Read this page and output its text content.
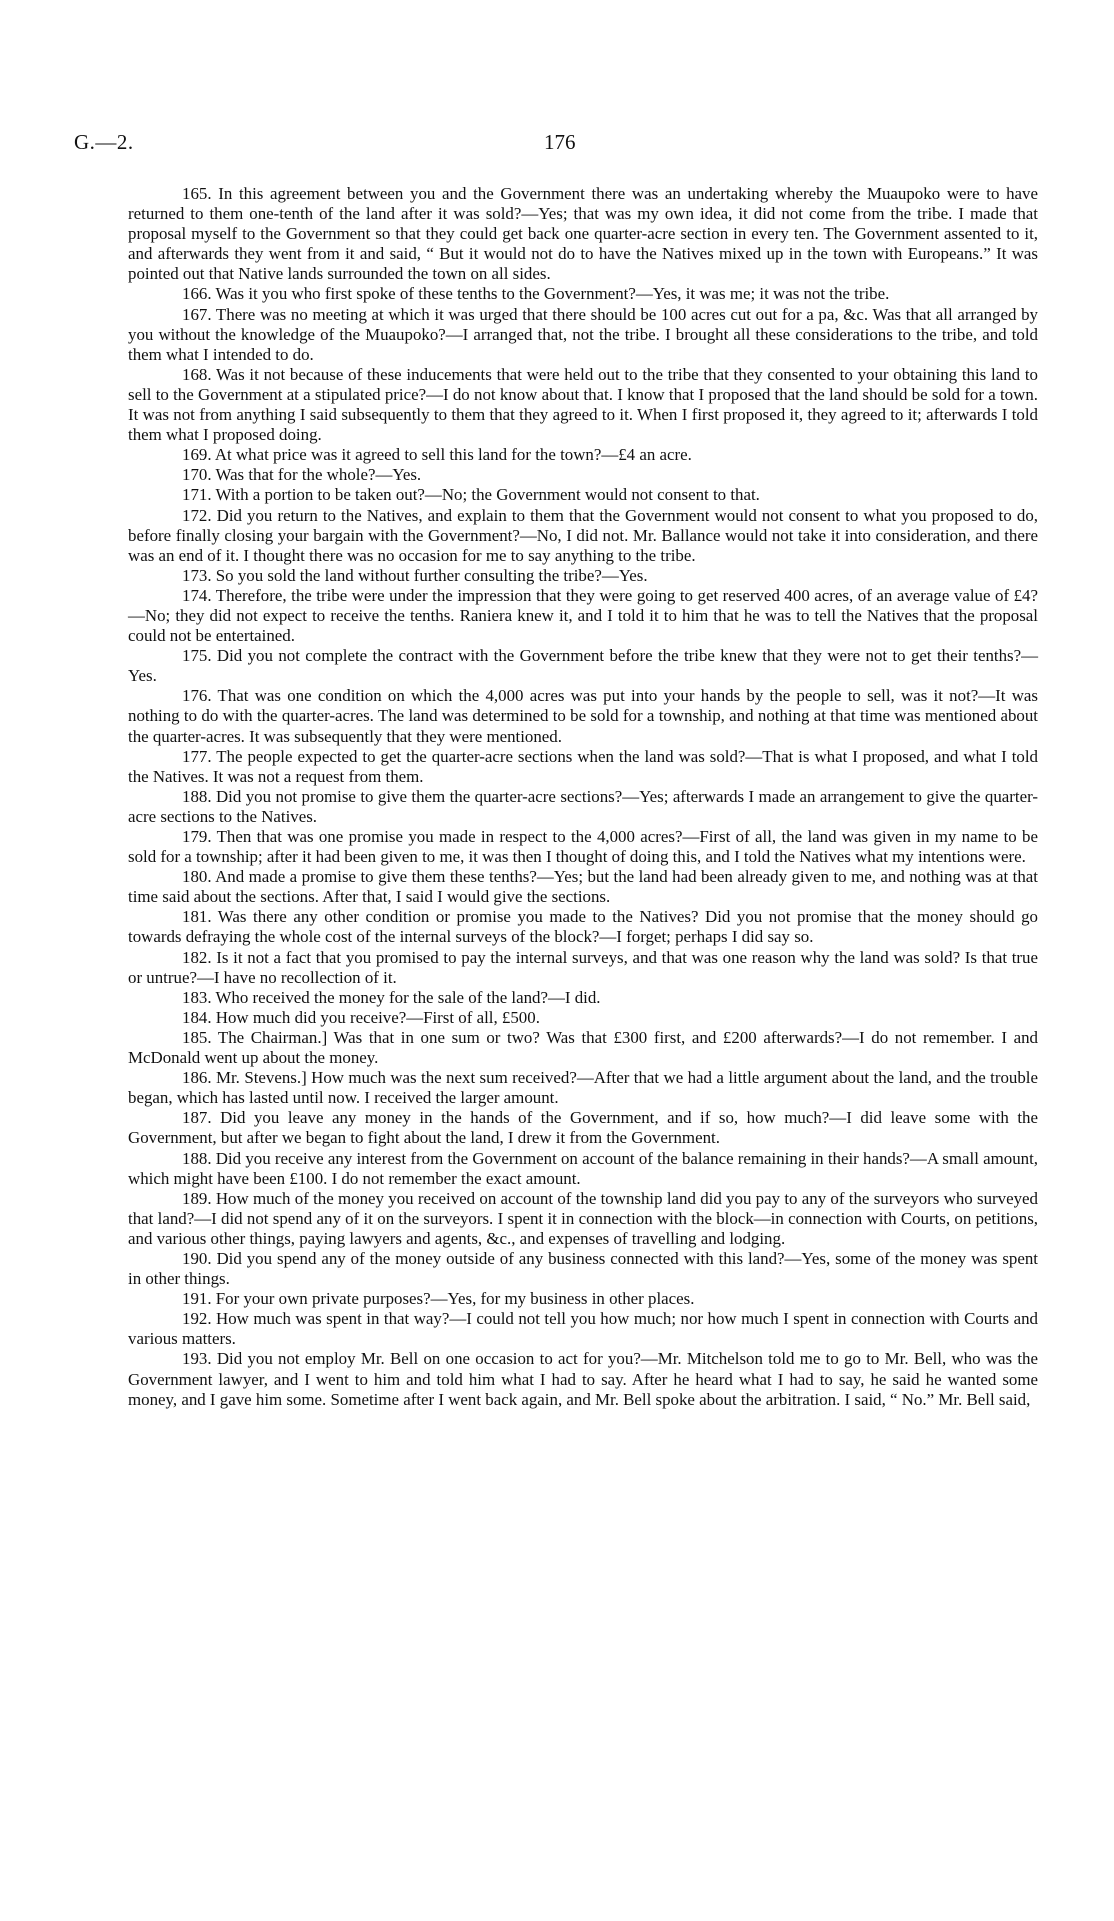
G.—2.	176

165. In this agreement between you and the Government there was an undertaking whereby the Muaupoko were to have returned to them one-tenth of the land after it was sold?—Yes; that was my own idea, it did not come from the tribe. I made that proposal myself to the Government so that they could get back one quarter-acre section in every ten. The Government assented to it, and afterwards they went from it and said, “ But it would not do to have the Natives mixed up in the town with Europeans.” It was pointed out that Native lands surrounded the town on all sides.

166. Was it you who first spoke of these tenths to the Government?—Yes, it was me; it was not the tribe.

167. There was no meeting at which it was urged that there should be 100 acres cut out for a pa, &c. Was that all arranged by you without the knowledge of the Muaupoko?—I arranged that, not the tribe. I brought all these considerations to the tribe, and told them what I intended to do.

168. Was it not because of these inducements that were held out to the tribe that they consented to your obtaining this land to sell to the Government at a stipulated price?—I do not know about that. I know that I proposed that the land should be sold for a town. It was not from anything I said subsequently to them that they agreed to it. When I first proposed it, they agreed to it; afterwards I told them what I proposed doing.

169. At what price was it agreed to sell this land for the town?—£4 an acre.

170. Was that for the whole?—Yes.

171. With a portion to be taken out?—No; the Government would not consent to that.

172. Did you return to the Natives, and explain to them that the Government would not consent to what you proposed to do, before finally closing your bargain with the Government?—No, I did not. Mr. Ballance would not take it into consideration, and there was an end of it. I thought there was no occasion for me to say anything to the tribe.

173. So you sold the land without further consulting the tribe?—Yes.

174. Therefore, the tribe were under the impression that they were going to get reserved 400 acres, of an average value of £4?—No; they did not expect to receive the tenths. Raniera knew it, and I told it to him that he was to tell the Natives that the proposal could not be entertained.

175. Did you not complete the contract with the Government before the tribe knew that they were not to get their tenths?—Yes.

176. That was one condition on which the 4,000 acres was put into your hands by the people to sell, was it not?—It was nothing to do with the quarter-acres. The land was determined to be sold for a township, and nothing at that time was mentioned about the quarter-acres. It was subsequently that they were mentioned.

177. The people expected to get the quarter-acre sections when the land was sold?—That is what I proposed, and what I told the Natives. It was not a request from them.

188. Did you not promise to give them the quarter-acre sections?—Yes; afterwards I made an arrangement to give the quarter-acre sections to the Natives.

179. Then that was one promise you made in respect to the 4,000 acres?—First of all, the land was given in my name to be sold for a township; after it had been given to me, it was then I thought of doing this, and I told the Natives what my intentions were.

180. And made a promise to give them these tenths?—Yes; but the land had been already given to me, and nothing was at that time said about the sections. After that, I said I would give the sections.

181. Was there any other condition or promise you made to the Natives? Did you not promise that the money should go towards defraying the whole cost of the internal surveys of the block?—I forget; perhaps I did say so.

182. Is it not a fact that you promised to pay the internal surveys, and that was one reason why the land was sold? Is that true or untrue?—I have no recollection of it.

183. Who received the money for the sale of the land?—I did.

184. How much did you receive?—First of all, £500.

185. The Chairman.] Was that in one sum or two? Was that £300 first, and £200 afterwards?—I do not remember. I and McDonald went up about the money.

186. Mr. Stevens.] How much was the next sum received?—After that we had a little argument about the land, and the trouble began, which has lasted until now. I received the larger amount.

187. Did you leave any money in the hands of the Government, and if so, how much?—I did leave some with the Government, but after we began to fight about the land, I drew it from the Government.

188. Did you receive any interest from the Government on account of the balance remaining in their hands?—A small amount, which might have been £100. I do not remember the exact amount.

189. How much of the money you received on account of the township land did you pay to any of the surveyors who surveyed that land?—I did not spend any of it on the surveyors. I spent it in connection with the block—in connection with Courts, on petitions, and various other things, paying lawyers and agents, &c., and expenses of travelling and lodging.

190. Did you spend any of the money outside of any business connected with this land?—Yes, some of the money was spent in other things.

191. For your own private purposes?—Yes, for my business in other places.

192. How much was spent in that way?—I could not tell you how much; nor how much I spent in connection with Courts and various matters.

193. Did you not employ Mr. Bell on one occasion to act for you?—Mr. Mitchelson told me to go to Mr. Bell, who was the Government lawyer, and I went to him and told him what I had to say. After he heard what I had to say, he said he wanted some money, and I gave him some. Sometime after I went back again, and Mr. Bell spoke about the arbitration. I said, “ No.” Mr. Bell said,
